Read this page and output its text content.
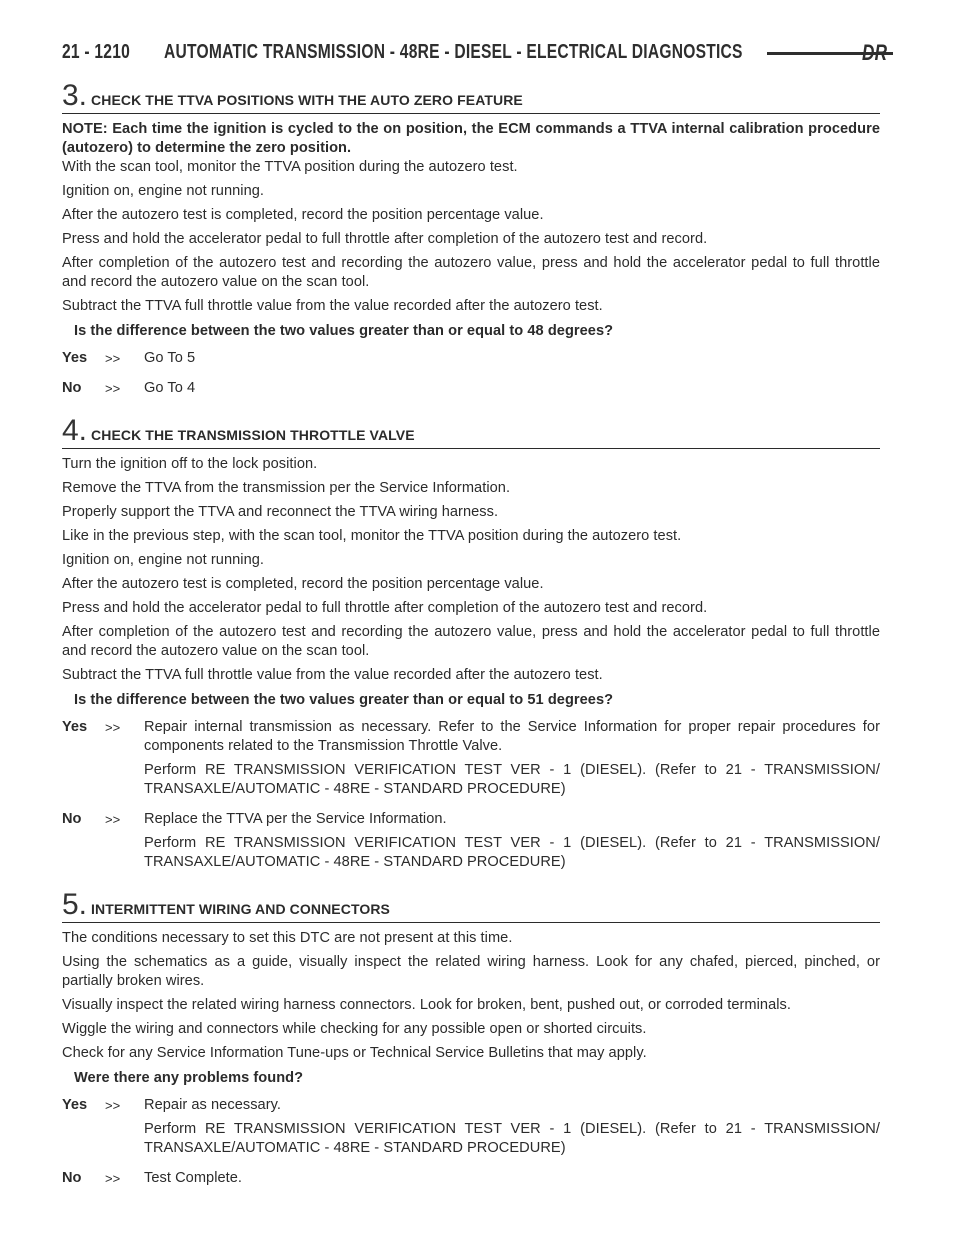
21 - 1210	AUTOMATIC TRANSMISSION - 48RE - DIESEL - ELECTRICAL DIAGNOSTICS	DR
3. CHECK THE TTVA POSITIONS WITH THE AUTO ZERO FEATURE

NOTE: Each time the ignition is cycled to the on position, the ECM commands a TTVA internal calibration procedure (autozero) to determine the zero position.

With the scan tool, monitor the TTVA position during the autozero test.

Ignition on, engine not running.

After the autozero test is completed, record the position percentage value.

Press and hold the accelerator pedal to full throttle after completion of the autozero test and record.

After completion of the autozero test and recording the autozero value, press and hold the accelerator pedal to full throttle and record the autozero value on the scan tool.

Subtract the TTVA full throttle value from the value recorded after the autozero test.

Is the difference between the two values greater than or equal to 48 degrees?

Yes	>> Go To 5

No	>> Go To 4

4. CHECK THE TRANSMISSION THROTTLE VALVE

Turn the ignition off to the lock position.

Remove the TTVA from the transmission per the Service Information.

Properly support the TTVA and reconnect the TTVA wiring harness.

Like in the previous step, with the scan tool, monitor the TTVA position during the autozero test.

Ignition on, engine not running.

After the autozero test is completed, record the position percentage value.

Press and hold the accelerator pedal to full throttle after completion of the autozero test and record.

After completion of the autozero test and recording the autozero value, press and hold the accelerator pedal to full throttle and record the autozero value on the scan tool.

Subtract the TTVA full throttle value from the value recorded after the autozero test.

Is the difference between the two values greater than or equal to 51 degrees?

Yes	>> Repair internal transmission as necessary. Refer to the Service Information for proper repair procedures for components related to the Transmission Throttle Valve.

Perform RE TRANSMISSION VERIFICATION TEST VER - 1 (DIESEL). (Refer to 21 - TRANSMISSION/ TRANSAXLE/AUTOMATIC - 48RE - STANDARD PROCEDURE)

No	>> Replace the TTVA per the Service Information.

Perform RE TRANSMISSION VERIFICATION TEST VER - 1 (DIESEL). (Refer to 21 - TRANSMISSION/ TRANSAXLE/AUTOMATIC - 48RE - STANDARD PROCEDURE)

5. INTERMITTENT WIRING AND CONNECTORS

The conditions necessary to set this DTC are not present at this time.

Using the schematics as a guide, visually inspect the related wiring harness. Look for any chafed, pierced, pinched, or partially broken wires.

Visually inspect the related wiring harness connectors. Look for broken, bent, pushed out, or corroded terminals.

Wiggle the wiring and connectors while checking for any possible open or shorted circuits.

Check for any Service Information Tune-ups or Technical Service Bulletins that may apply.

Were there any problems found?

Yes	>> Repair as necessary.

Perform RE TRANSMISSION VERIFICATION TEST VER - 1 (DIESEL). (Refer to 21 - TRANSMISSION/ TRANSAXLE/AUTOMATIC - 48RE - STANDARD PROCEDURE)

No	>> Test Complete.
